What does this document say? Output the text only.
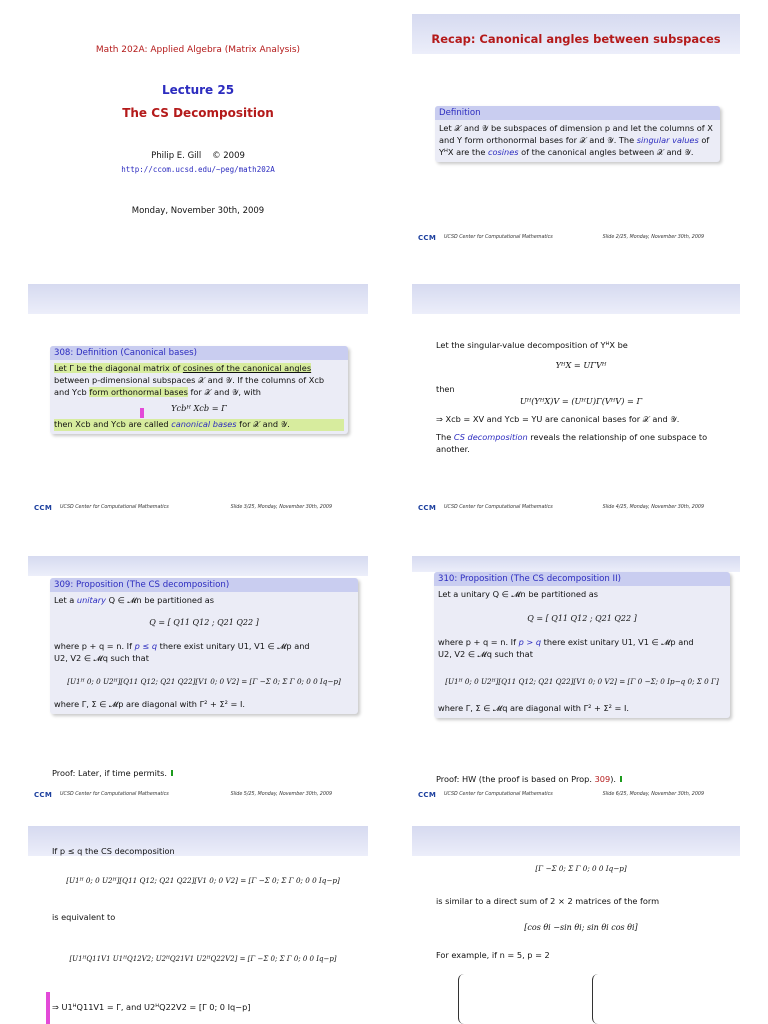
Math 202A: Applied Algebra (Matrix Analysis)
Lecture 25
The CS Decomposition
Philip E. Gill © 2009
http://ccom.ucsd.edu/~peg/math202A
Monday, November 30th, 2009
Recap: Canonical angles between subspaces
Definition
Let 𝒳 and 𝒴 be subspaces of dimension p and let the columns of X and Y form orthonormal bases for 𝒳 and 𝒴. The singular values of YᴴX are the cosines of the canonical angles between 𝒳 and 𝒴.
CCM UCSD Center for Computational Mathematics	Slide 2/25, Monday, November 30th, 2009
308: Definition (Canonical bases)
Let Γ be the diagonal matrix of cosines of the canonical angles
between p-dimensional subspaces 𝒳 and 𝒴. If the columns of Xcb
and Ycb form orthonormal bases for 𝒳 and 𝒴, with
Ycbᴴ Xcb = Γ
then Xcb and Ycb are called canonical bases for 𝒳 and 𝒴.
CCM UCSD Center for Computational Mathematics	Slide 3/25, Monday, November 30th, 2009
Let the singular-value decomposition of YᴴX be
YᴴX = UΓVᴴ
then
Uᴴ(YᴴX)V = (UᴴU)Γ(VᴴV) = Γ
⇒ Xcb = XV and Ycb = YU are canonical bases for 𝒳 and 𝒴.
The CS decomposition reveals the relationship of one subspace to another.
CCM UCSD Center for Computational Mathematics	Slide 4/25, Monday, November 30th, 2009
309: Proposition (The CS decomposition)
Let a unitary Q ∈ 𝓜n be partitioned as
Q = [ Q11 Q12 ; Q21 Q22 ]
where p + q = n. If p ≤ q there exist unitary U1, V1 ∈ 𝓜p and
U2, V2 ∈ 𝓜q such that
[U1ᴴ 0; 0 U2ᴴ][Q11 Q12; Q21 Q22][V1 0; 0 V2] = [Γ −Σ 0; Σ Γ 0; 0 0 Iq−p]
where Γ, Σ ∈ 𝓜p are diagonal with Γ² + Σ² = I.
Proof: Later, if time permits.
CCM UCSD Center for Computational Mathematics	Slide 5/25, Monday, November 30th, 2009
310: Proposition (The CS decomposition II)
Let a unitary Q ∈ 𝓜n be partitioned as
Q = [ Q11 Q12 ; Q21 Q22 ]
where p + q = n. If p > q there exist unitary U1, V1 ∈ 𝓜p and
U2, V2 ∈ 𝓜q such that
[U1ᴴ 0; 0 U2ᴴ][Q11 Q12; Q21 Q22][V1 0; 0 V2] = [Γ 0 −Σ; 0 Ip−q 0; Σ 0 Γ]
where Γ, Σ ∈ 𝓜q are diagonal with Γ² + Σ² = I.
Proof: HW (the proof is based on Prop. 309).
CCM UCSD Center for Computational Mathematics	Slide 6/25, Monday, November 30th, 2009
If p ≤ q the CS decomposition
[U1ᴴ 0; 0 U2ᴴ][Q11 Q12; Q21 Q22][V1 0; 0 V2] = [Γ −Σ 0; Σ Γ 0; 0 0 Iq−p]
is equivalent to
[U1ᴴQ11V1 U1ᴴQ12V2; U2ᴴQ21V1 U2ᴴQ22V2] = [Γ −Σ 0; Σ Γ 0; 0 0 Iq−p]
⇒ U1ᴴQ11V1 = Γ, and U2ᴴQ22V2 = [Γ 0; 0 Iq−p]
[Γ −Σ 0; Σ Γ 0; 0 0 Iq−p]
is similar to a direct sum of 2 × 2 matrices of the form
[cos θi −sin θi; sin θi cos θi]
For example, if n = 5, p = 2
